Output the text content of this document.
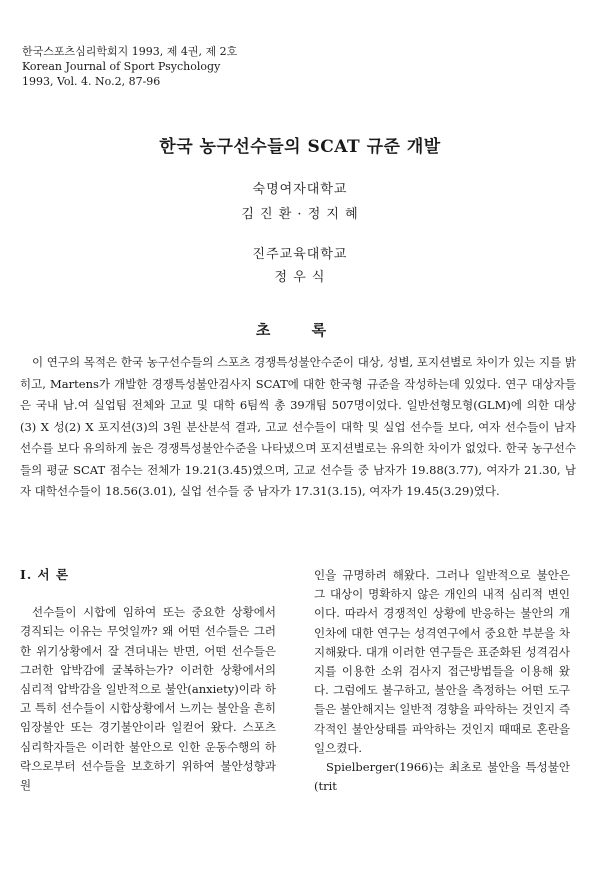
한국스포츠심리학회지 1993, 제 4권, 제 2호
Korean Journal of Sport Psychology
1993, Vol. 4. No.2, 87-96
한국 농구선수들의 SCAT 규준 개발
숙명여자대학교
김 진 환 · 정 지 혜
진주교육대학교
정 우 식
초 록

이 연구의 목적은 한국 농구선수들의 스포츠 경쟁특성불안수준이 대상, 성별, 포지션별로 차이가 있는 지를 밝히고, Martens가 개발한 경쟁특성불안검사지 SCAT에 대한 한국형 규준을 작성하는데 있었다. 연구 대상자들은 국내 남.여 실업팀 전체와 고교 및 대학 6팀씩 총 39개팀 507명이었다. 일반선형모형(GLM)에 의한 대상(3) X 성(2) X 포지션(3)의 3원 분산분석 결과, 고교 선수들이 대학 및 실업 선수들 보다, 여자 선수들이 남자 선수를 보다 유의하게 높은 경쟁특성불안수준을 나타냈으며 포지션별로는 유의한 차이가 없었다. 한국 농구선수들의 평균 SCAT 점수는 전체가 19.21(3.45)였으며, 고교 선수들 중 남자가 19.88(3.77), 여자가 21.30, 남자 대학선수들이 18.56(3.01), 실업 선수들 중 남자가 17.31(3.15), 여자가 19.45(3.29)였다.

Ⅰ. 서 론

선수들이 시합에 임하여 또는 중요한 상황에서 경직되는 이유는 무엇일까? 왜 어떤 선수들은 그러한 위기상황에서 잘 견뎌내는 반면, 어떤 선수들은 그러한 압박감에 굴복하는가? 이러한 상황에서의 심리적 압박감을 일반적으로 불안(anxiety)이라 하고 특히 선수들이 시합상황에서 느끼는 불안을 흔히 임장불안 또는 경기불안이라 일컫어 왔다. 스포츠 심리학자들은 이러한 불안으로 인한 운동수행의 하락으로부터 선수들을 보호하기 위하여 불안성향과 원

인을 규명하려 해왔다. 그러나 일반적으로 불안은 그 대상이 명확하지 않은 개인의 내적 심리적 변인이다. 따라서 경쟁적인 상황에 반응하는 불안의 개인차에 대한 연구는 성격연구에서 중요한 부분을 차지해왔다. 대개 이러한 연구들은 표준화된 성격검사지를 이용한 소위 검사지 접근방법들을 이용해 왔다. 그럼에도 불구하고, 불안을 측정하는 어떤 도구들은 불안해지는 일반적 경향을 파악하는 것인지 즉각적인 불안상태를 파악하는 것인지 때때로 혼란을 일으켰다.

Spielberger(1966)는 최초로 불안을 특성불안(trit
